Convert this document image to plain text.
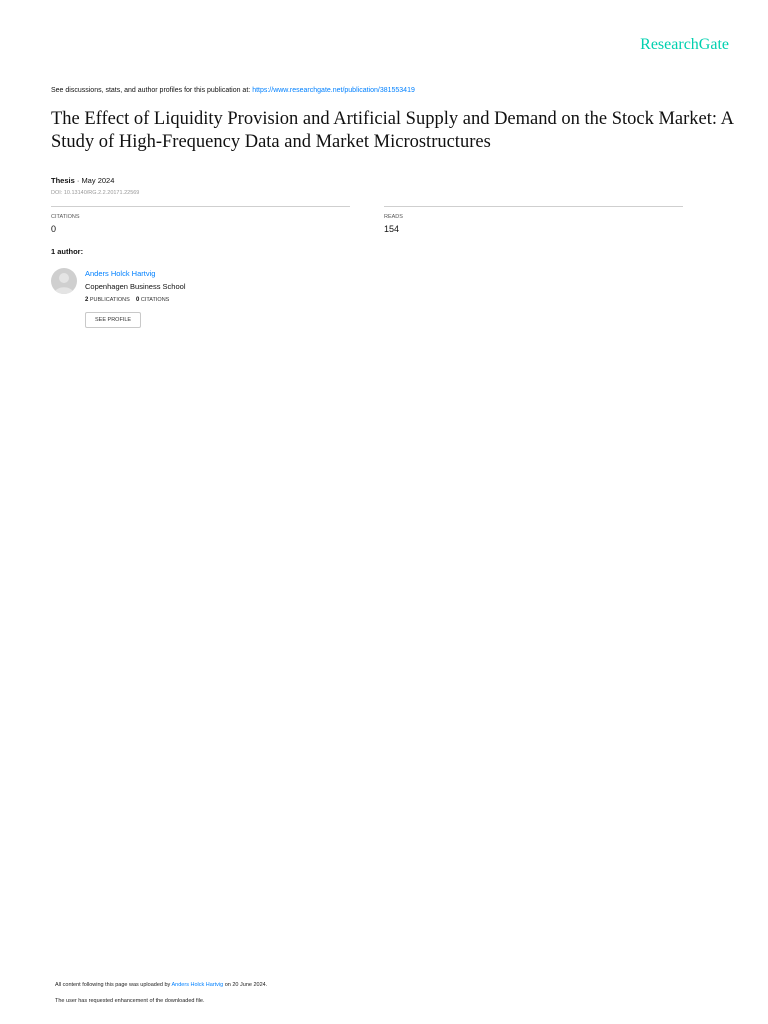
ResearchGate
See discussions, stats, and author profiles for this publication at: https://www.researchgate.net/publication/381553419
The Effect of Liquidity Provision and Artificial Supply and Demand on the Stock Market: A Study of High-Frequency Data and Market Microstructures
Thesis · May 2024
DOI: 10.13140/RG.2.2.20171.22569
CITATIONS
0
READS
154
1 author:
Anders Holck Hartvig
Copenhagen Business School
2 PUBLICATIONS 0 CITATIONS
SEE PROFILE
All content following this page was uploaded by Anders Holck Hartvig on 20 June 2024.
The user has requested enhancement of the downloaded file.
